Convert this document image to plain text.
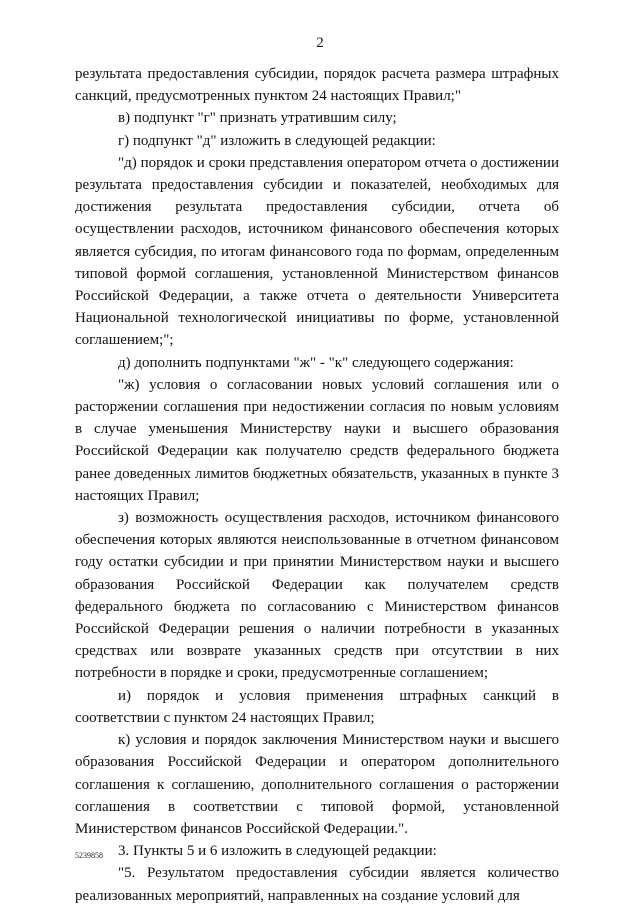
2

результата предоставления субсидии, порядок расчета размера штрафных санкций, предусмотренных пунктом 24 настоящих Правил;"

в) подпункт "г" признать утратившим силу;

г) подпункт "д" изложить в следующей редакции:

"д) порядок и сроки представления оператором отчета о достижении результата предоставления субсидии и показателей, необходимых для достижения результата предоставления субсидии, отчета об осуществлении расходов, источником финансового обеспечения которых является субсидия, по итогам финансового года по формам, определенным типовой формой соглашения, установленной Министерством финансов Российской Федерации, а также отчета о деятельности Университета Национальной технологической инициативы по форме, установленной соглашением;";

д) дополнить подпунктами "ж" - "к" следующего содержания:

"ж) условия о согласовании новых условий соглашения или о расторжении соглашения при недостижении согласия по новым условиям в случае уменьшения Министерству науки и высшего образования Российской Федерации как получателю средств федерального бюджета ранее доведенных лимитов бюджетных обязательств, указанных в пункте 3 настоящих Правил;

з) возможность осуществления расходов, источником финансового обеспечения которых являются неиспользованные в отчетном финансовом году остатки субсидии и при принятии Министерством науки и высшего образования Российской Федерации как получателем средств федерального бюджета по согласованию с Министерством финансов Российской Федерации решения о наличии потребности в указанных средствах или возврате указанных средств при отсутствии в них потребности в порядке и сроки, предусмотренные соглашением;

и) порядок и условия применения штрафных санкций в соответствии с пунктом 24 настоящих Правил;

к) условия и порядок заключения Министерством науки и высшего образования Российской Федерации и оператором дополнительного соглашения к соглашению, дополнительного соглашения о расторжении соглашения в соответствии с типовой формой, установленной Министерством финансов Российской Федерации.".

3. Пункты 5 и 6 изложить в следующей редакции:

"5. Результатом предоставления субсидии является количество реализованных мероприятий, направленных на создание условий для

5239858
